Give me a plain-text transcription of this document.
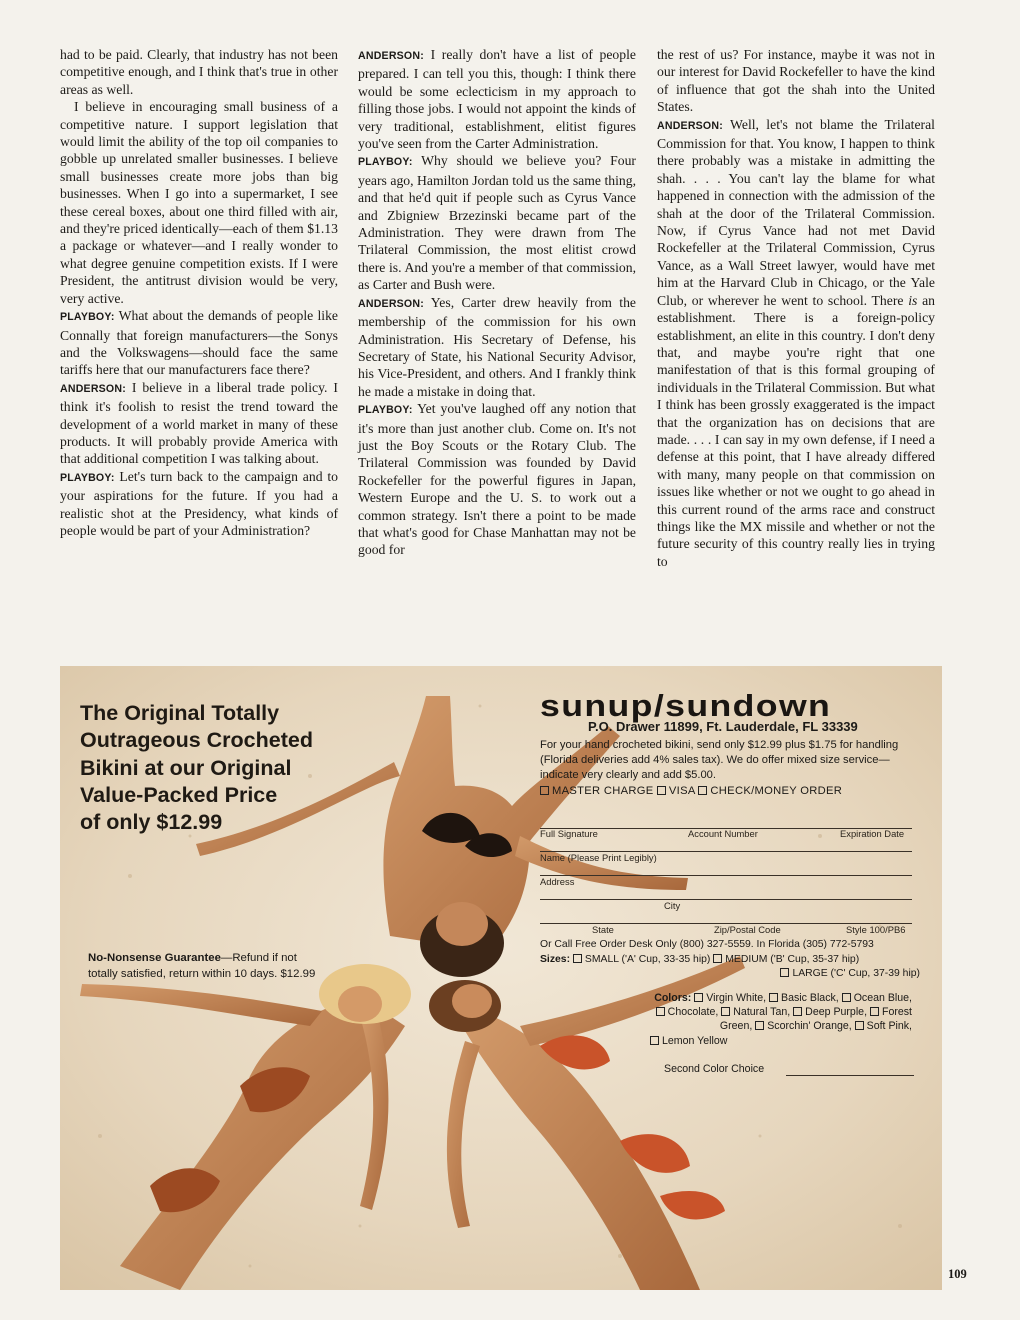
had to be paid. Clearly, that industry has not been competitive enough, and I think that's true in other areas as well.

I believe in encouraging small business of a competitive nature. I support legislation that would limit the ability of the top oil companies to gobble up unrelated smaller businesses. I believe small businesses create more jobs than big businesses. When I go into a supermarket, I see these cereal boxes, about one third filled with air, and they're priced identically—each of them $1.13 a package or whatever—and I really wonder to what degree genuine competition exists. If I were President, the antitrust division would be very, very active.

PLAYBOY: What about the demands of people like Connally that foreign manufacturers—the Sonys and the Volkswagens—should face the same tariffs here that our manufacturers face there?

ANDERSON: I believe in a liberal trade policy. I think it's foolish to resist the trend toward the development of a world market in many of these products. It will probably provide America with that additional competition I was talking about.

PLAYBOY: Let's turn back to the campaign and to your aspirations for the future. If you had a realistic shot at the Presidency, what kinds of people would be part of your Administration?

ANDERSON: I really don't have a list of people prepared. I can tell you this, though: I think there would be some eclecticism in my approach to filling those jobs. I would not appoint the kinds of very traditional, establishment, elitist figures you've seen from the Carter Administration.

PLAYBOY: Why should we believe you? Four years ago, Hamilton Jordan told us the same thing, and that he'd quit if people such as Cyrus Vance and Zbigniew Brzezinski became part of the Administration. They were drawn from The Trilateral Commission, the most elitist crowd there is. And you're a member of that commission, as Carter and Bush were.

ANDERSON: Yes, Carter drew heavily from the membership of the commission for his own Administration. His Secretary of Defense, his Secretary of State, his National Security Advisor, his Vice-President, and others. And I frankly think he made a mistake in doing that.

PLAYBOY: Yet you've laughed off any notion that it's more than just another club. Come on. It's not just the Boy Scouts or the Rotary Club. The Trilateral Commission was founded by David Rockefeller for the powerful figures in Japan, Western Europe and the U. S. to work out a common strategy. Isn't there a point to be made that what's good for Chase Manhattan may not be good for

the rest of us? For instance, maybe it was not in our interest for David Rockefeller to have the kind of influence that got the shah into the United States.

ANDERSON: Well, let's not blame the Trilateral Commission for that. You know, I happen to think there probably was a mistake in admitting the shah. . . . You can't lay the blame for what happened in connection with the admission of the shah at the door of the Trilateral Commission. Now, if Cyrus Vance had not met David Rockefeller at the Trilateral Commission, Cyrus Vance, as a Wall Street lawyer, would have met him at the Harvard Club in Chicago, or the Yale Club, or wherever he went to school. There is an establishment. There is a foreign-policy establishment, an elite in this country. I don't deny that, and maybe you're right that one manifestation of that is this formal grouping of individuals in the Trilateral Commission. But what I think has been grossly exaggerated is the impact that the organization has on decisions that are made. . . . I can say in my own defense, if I need a defense at this point, that I have already differed with many, many people on that commission on issues like whether or not we ought to go ahead in this current round of the arms race and construct things like the MX missile and whether or not the future security of this country really lies in trying to

The Original Totally
Outrageous Crocheted
Bikini at our Original
Value-Packed Price
of only $12.99
No-Nonsense Guarantee—Refund if not totally satisfied, return within 10 days. $12.99
sunup/sundown
P.O. Drawer 11899, Ft. Lauderdale, FL 33339
For your hand crocheted bikini, send only $12.99 plus $1.75 for handling (Florida deliveries add 4% sales tax). We do offer mixed size service—indicate very clearly and add $5.00.
MASTER CHARGE VISA CHECK/MONEY ORDER
Full Signature	Account Number	Expiration Date
Name (Please Print Legibly)
Address
City
State	Zip/Postal Code	Style 100/PB6
Or Call Free Order Desk Only (800) 327-5559. In Florida (305) 772-5793
Sizes: SMALL ('A' Cup, 33-35 hip) MEDIUM ('B' Cup, 35-37 hip)
LARGE ('C' Cup, 37-39 hip)
Colors: Virgin White, Basic Black, Ocean Blue, Chocolate, Natural Tan, Deep Purple, Forest Green, Scorchin' Orange, Soft Pink,
Lemon Yellow
Second Color Choice
109
